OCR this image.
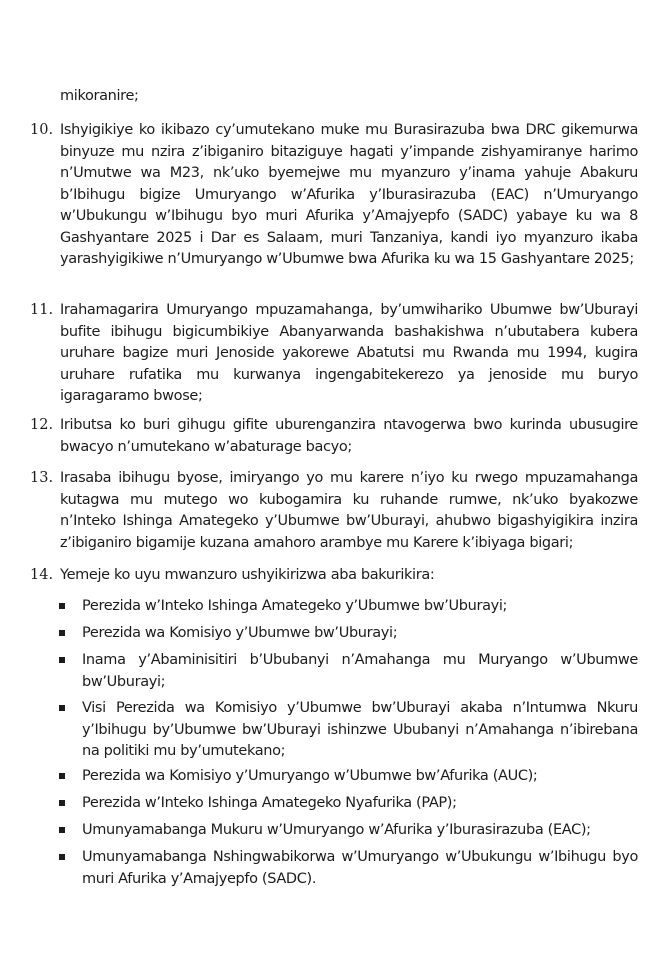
mikoranire;
10. Ishyigikiye ko ikibazo cy’umutekano muke mu Burasirazuba bwa DRC gikemurwa binyuze mu nzira z’ibiganiro bitaziguye hagati y’impande zishyamiranye harimo n’Umutwe wa M23, nk’uko byemejwe mu myanzuro y’inama yahuje Abakuru b’Ibihugu bigize Umuryango w’Afurika y’Iburasirazuba (EAC) n’Umuryango w’Ubukungu w’Ibihugu byo muri Afurika y’Amajyepfo (SADC) yabaye ku wa 8 Gashyantare 2025 i Dar es Salaam, muri Tanzaniya, kandi iyo myanzuro ikaba yarashyigikiwe n’Umuryango w’Ubumwe bwa Afurika ku wa 15 Gashyantare 2025;
11. Irahamagarira Umuryango mpuzamahanga, by’umwihariko Ubumwe bw’Uburayi bufite ibihugu bigicumbikiye Abanyarwanda bashakishwa n’ubutabera kubera uruhare bagize muri Jenoside yakorewe Abatutsi mu Rwanda mu 1994, kugira uruhare rufatika mu kurwanya ingengabitekerezo ya jenoside mu buryo igaragaramo bwose;
12. Iributsa ko buri gihugu gifite uburenganzira ntavogerwa bwo kurinda ubusugire bwacyo n’umutekano w’abaturage bacyo;
13. Irasaba ibihugu byose, imiryango yo mu karere n’iyo ku rwego mpuzamahanga kutagwa mu mutego wo kubogamira ku ruhande rumwe, nk’uko byakozwe n’Inteko Ishinga Amategeko y’Ubumwe bw’Uburayi, ahubwo bigashyigikira inzira z’ibiganiro bigamije kuzana amahoro arambye mu Karere k’ibiyaga bigari;
14. Yemeje ko uyu mwanzuro ushyikirizwa aba bakurikira:
Perezida w’Inteko Ishinga Amategeko y’Ubumwe bw’Uburayi;
Perezida wa Komisiyo y’Ubumwe bw’Uburayi;
Inama y’Abaminisitiri b’Ububanyi n’Amahanga mu Muryango w’Ubumwe bw’Uburayi;
Visi Perezida wa Komisiyo y’Ubumwe bw’Uburayi akaba n’Intumwa Nkuru y’Ibihugu by’Ubumwe bw’Uburayi ishinzwe Ububanyi n’Amahanga n’ibirebana na politiki mu by’umutekano;
Perezida wa Komisiyo y’Umuryango w’Ubumwe bw’Afurika (AUC);
Perezida w’Inteko Ishinga Amategeko Nyafurika (PAP);
Umunyamabanga Mukuru w’Umuryango w’Afurika y’Iburasirazuba (EAC);
Umunyamabanga Nshingwabikorwa w’Umuryango w’Ubukungu w’Ibihugu byo muri Afurika y’Amajyepfo (SADC).
